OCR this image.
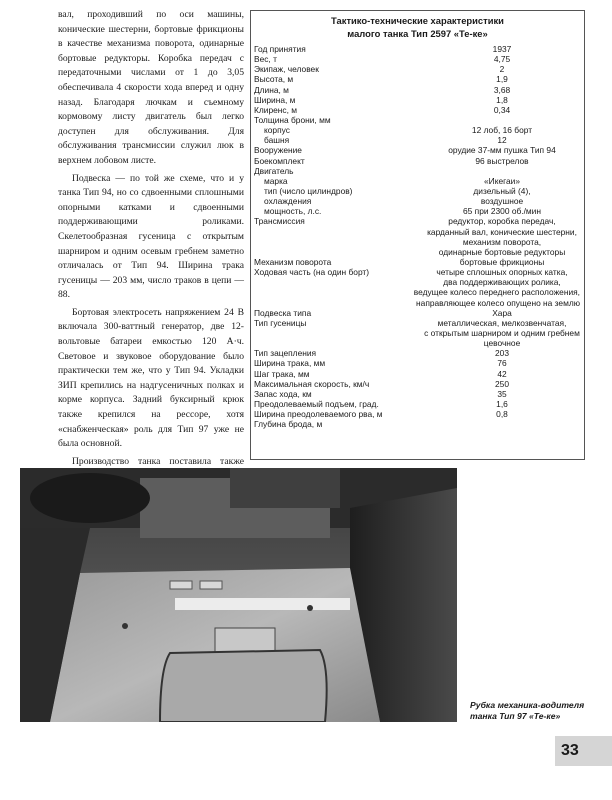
вал, проходивший по оси машины, конические шестерни, бортовые фрикционы в качестве механизма поворота, одинарные бортовые редукторы. Коробка передач с передаточными числами от 1 до 3,05 обеспечивала 4 скорости хода вперед и одну назад. Благодаря лючкам и съемному кормовому листу двигатель был легко доступен для обслуживания. Для обслуживания трансмиссии служил люк в верхнем лобовом листе.

Подвеска — по той же схеме, что и у танка Тип 94, но со сдвоенными сплошными опорными катками и сдвоенными поддерживающими роликами. Скелетообразная гусеница с открытым шарниром и одним осевым гребнем заметно отличалась от Тип 94. Ширина трака гусеницы — 203 мм, число траков в цепи — 88.

Бортовая электросеть напряжением 24 В включала 300-ваттный генератор, две 12-вольтовые батареи емкостью 120 А·ч. Световое и звуковое оборудование было практически тем же, что у Тип 94. Укладки ЗИП крепились на надгусеничных полках и корме корпуса. Задний буксирный крюк также крепился на рессоре, хотя «снабженческая» роль для Тип 97 уже не была основной.

Производство танка поставила также

Тактико-технические характеристики
малого танка Тип 2597 «Те-ке»
Год принятия	1937
Вес, т	4,75
Экипаж, человек	2
Высота, м	1,9
Длина, м	3,68
Ширина, м	1,8
Клиренс, м	0,34
Толщина брони, мм
корпус	12 лоб, 16 борт
башня	12
Вооружение	орудие 37-мм пушка Тип 94
Боекомплект	96 выстрелов
Двигатель
марка	«Икегаи»
тип (число цилиндров)	дизельный (4),
охлаждения	воздушное
мощность, л.с.	65 при 2300 об./мин
Трансмиссия	редуктор, коробка передач,
карданный вал, конические шестерни,
механизм поворота,
одинарные бортовые редукторы
Механизм поворота	бортовые фрикционы
Ходовая часть (на один борт)	четыре сплошных опорных катка,
два поддерживающих ролика,
ведущее колесо переднего расположения,
направляющее колесо опущено на землю
Подвеска типа	Хара
Тип гусеницы	металлическая, мелкозвенчатая,
с открытым шарниром и одним гребнем
цевочное
Тип зацепления	203
Ширина трака, мм	76
Шаг трака, мм	42
Максимальная скорость, км/ч	250
Запас хода, км	35
Преодолеваемый подъем, град.	1,6
Ширина преодолеваемого рва, м	0,8
Глубина брода, м
Рубка механика-водителя
танка Тип 97 «Те-ке»
33
